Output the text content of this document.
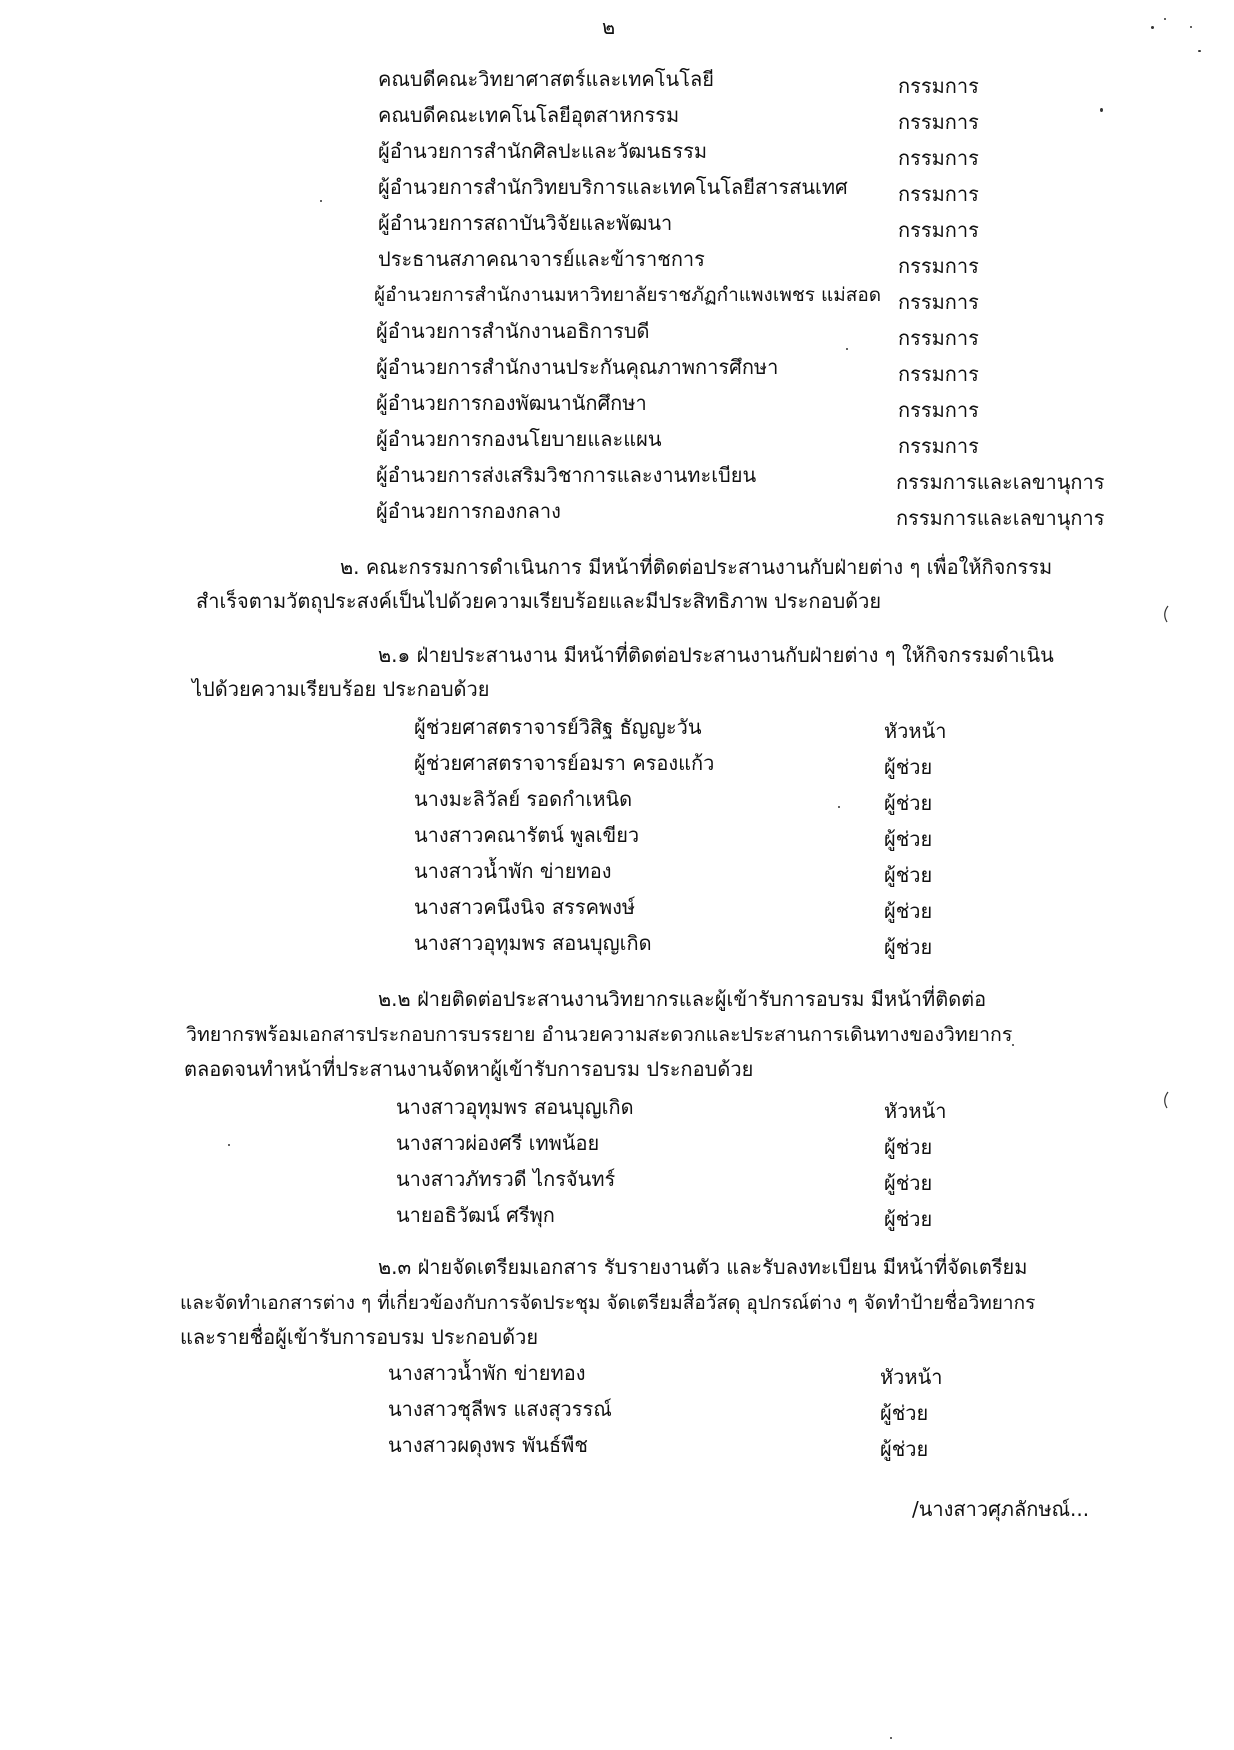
๒
คณบดีคณะวิทยาศาสตร์และเทคโนโลยี	กรรมการ
คณบดีคณะเทคโนโลยีอุตสาหกรรม	กรรมการ
ผู้อำนวยการสำนักศิลปะและวัฒนธรรม	กรรมการ
ผู้อำนวยการสำนักวิทยบริการและเทคโนโลยีสารสนเทศ	กรรมการ
ผู้อำนวยการสถาบันวิจัยและพัฒนา	กรรมการ
ประธานสภาคณาจารย์และข้าราชการ	กรรมการ
ผู้อำนวยการสำนักงานมหาวิทยาลัยราชภัฏกำแพงเพชร แม่สอด กรรมการ
ผู้อำนวยการสำนักงานอธิการบดี	กรรมการ
ผู้อำนวยการสำนักงานประกันคุณภาพการศึกษา	กรรมการ
ผู้อำนวยการกองพัฒนานักศึกษา	กรรมการ
ผู้อำนวยการกองนโยบายและแผน	กรรมการ
ผู้อำนวยการส่งเสริมวิชาการและงานทะเบียน	กรรมการและเลขานุการ
ผู้อำนวยการกองกลาง	กรรมการและเลขานุการ
๒. คณะกรรมการดำเนินการ มีหน้าที่ติดต่อประสานงานกับฝ่ายต่าง ๆ เพื่อให้กิจกรรม
สำเร็จตามวัตถุประสงค์เป็นไปด้วยความเรียบร้อยและมีประสิทธิภาพ ประกอบด้วย
๒.๑ ฝ่ายประสานงาน มีหน้าที่ติดต่อประสานงานกับฝ่ายต่าง ๆ ให้กิจกรรมดำเนิน
ไปด้วยความเรียบร้อย ประกอบด้วย
ผู้ช่วยศาสตราจารย์วิสิฐ ธัญญะวัน	หัวหน้า
ผู้ช่วยศาสตราจารย์อมรา ครองแก้ว	ผู้ช่วย
นางมะลิวัลย์ รอดกำเหนิด	ผู้ช่วย
นางสาวคณารัตน์ พูลเขียว	ผู้ช่วย
นางสาวน้ำพัก ข่ายทอง	ผู้ช่วย
นางสาวคนึงนิจ สรรคพงษ์	ผู้ช่วย
นางสาวอุทุมพร สอนบุญเกิด	ผู้ช่วย
๒.๒ ฝ่ายติดต่อประสานงานวิทยากรและผู้เข้ารับการอบรม มีหน้าที่ติดต่อ
วิทยากรพร้อมเอกสารประกอบการบรรยาย อำนวยความสะดวกและประสานการเดินทางของวิทยากร
ตลอดจนทำหน้าที่ประสานงานจัดหาผู้เข้ารับการอบรม ประกอบด้วย
นางสาวอุทุมพร สอนบุญเกิด	หัวหน้า
นางสาวผ่องศรี เทพน้อย	ผู้ช่วย
นางสาวภัทรวดี ไกรจันทร์	ผู้ช่วย
นายอธิวัฒน์ ศรีพุก	ผู้ช่วย
๒.๓ ฝ่ายจัดเตรียมเอกสาร รับรายงานตัว และรับลงทะเบียน มีหน้าที่จัดเตรียม
และจัดทำเอกสารต่าง ๆ ที่เกี่ยวข้องกับการจัดประชุม จัดเตรียมสื่อวัสดุ อุปกรณ์ต่าง ๆ จัดทำป้ายชื่อวิทยากร
และรายชื่อผู้เข้ารับการอบรม ประกอบด้วย
นางสาวน้ำพัก ข่ายทอง	หัวหน้า
นางสาวชุลีพร แสงสุวรรณ์	ผู้ช่วย
นางสาวผดุงพร พันธ์พืช	ผู้ช่วย
/นางสาวศุภลักษณ์...
